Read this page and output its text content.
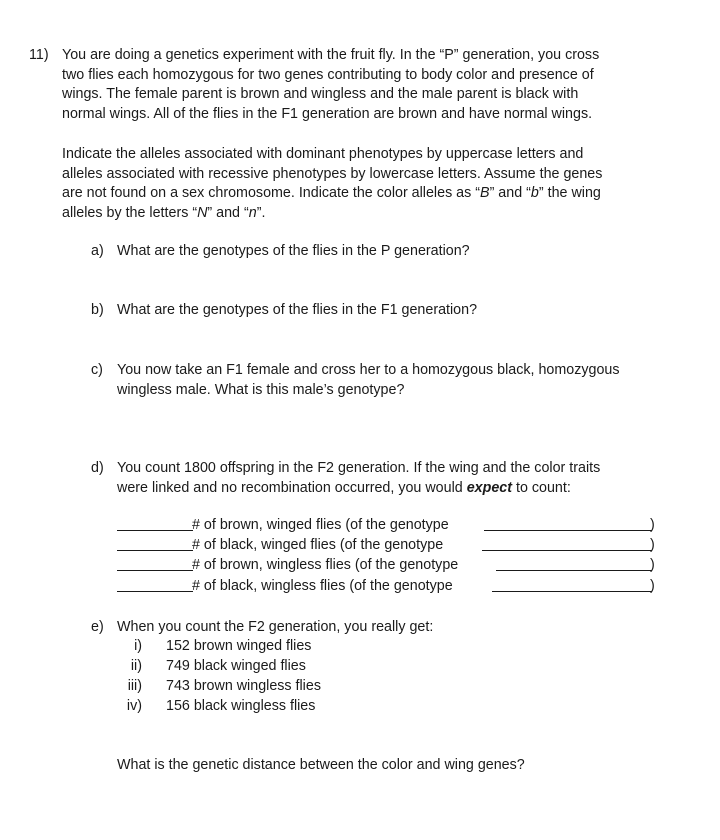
11) You are doing a genetics experiment with the fruit fly. In the “P” generation, you cross
two flies each homozygous for two genes contributing to body color and presence of
wings. The female parent is brown and wingless and the male parent is black with
normal wings. All of the flies in the F1 generation are brown and have normal wings.
Indicate the alleles associated with dominant phenotypes by uppercase letters and
alleles associated with recessive phenotypes by lowercase letters. Assume the genes
are not found on a sex chromosome. Indicate the color alleles as “B” and “b” the wing
alleles by the letters “N” and “n”.
a) What are the genotypes of the flies in the P generation?
b) What are the genotypes of the flies in the F1 generation?
c) You now take an F1 female and cross her to a homozygous black, homozygous
wingless male. What is this male’s genotype?
d) You count 1800 offspring in the F2 generation. If the wing and the color traits
were linked and no recombination occurred, you would expect to count:
# of brown, winged flies (of the genotype	)
# of black, winged flies (of the genotype	)
# of brown, wingless flies (of the genotype	)
# of black, wingless flies (of the genotype	)
e) When you count the F2 generation, you really get:
i) 152 brown winged flies
ii) 749 black winged flies
iii) 743 brown wingless flies
iv) 156 black wingless flies
What is the genetic distance between the color and wing genes?
